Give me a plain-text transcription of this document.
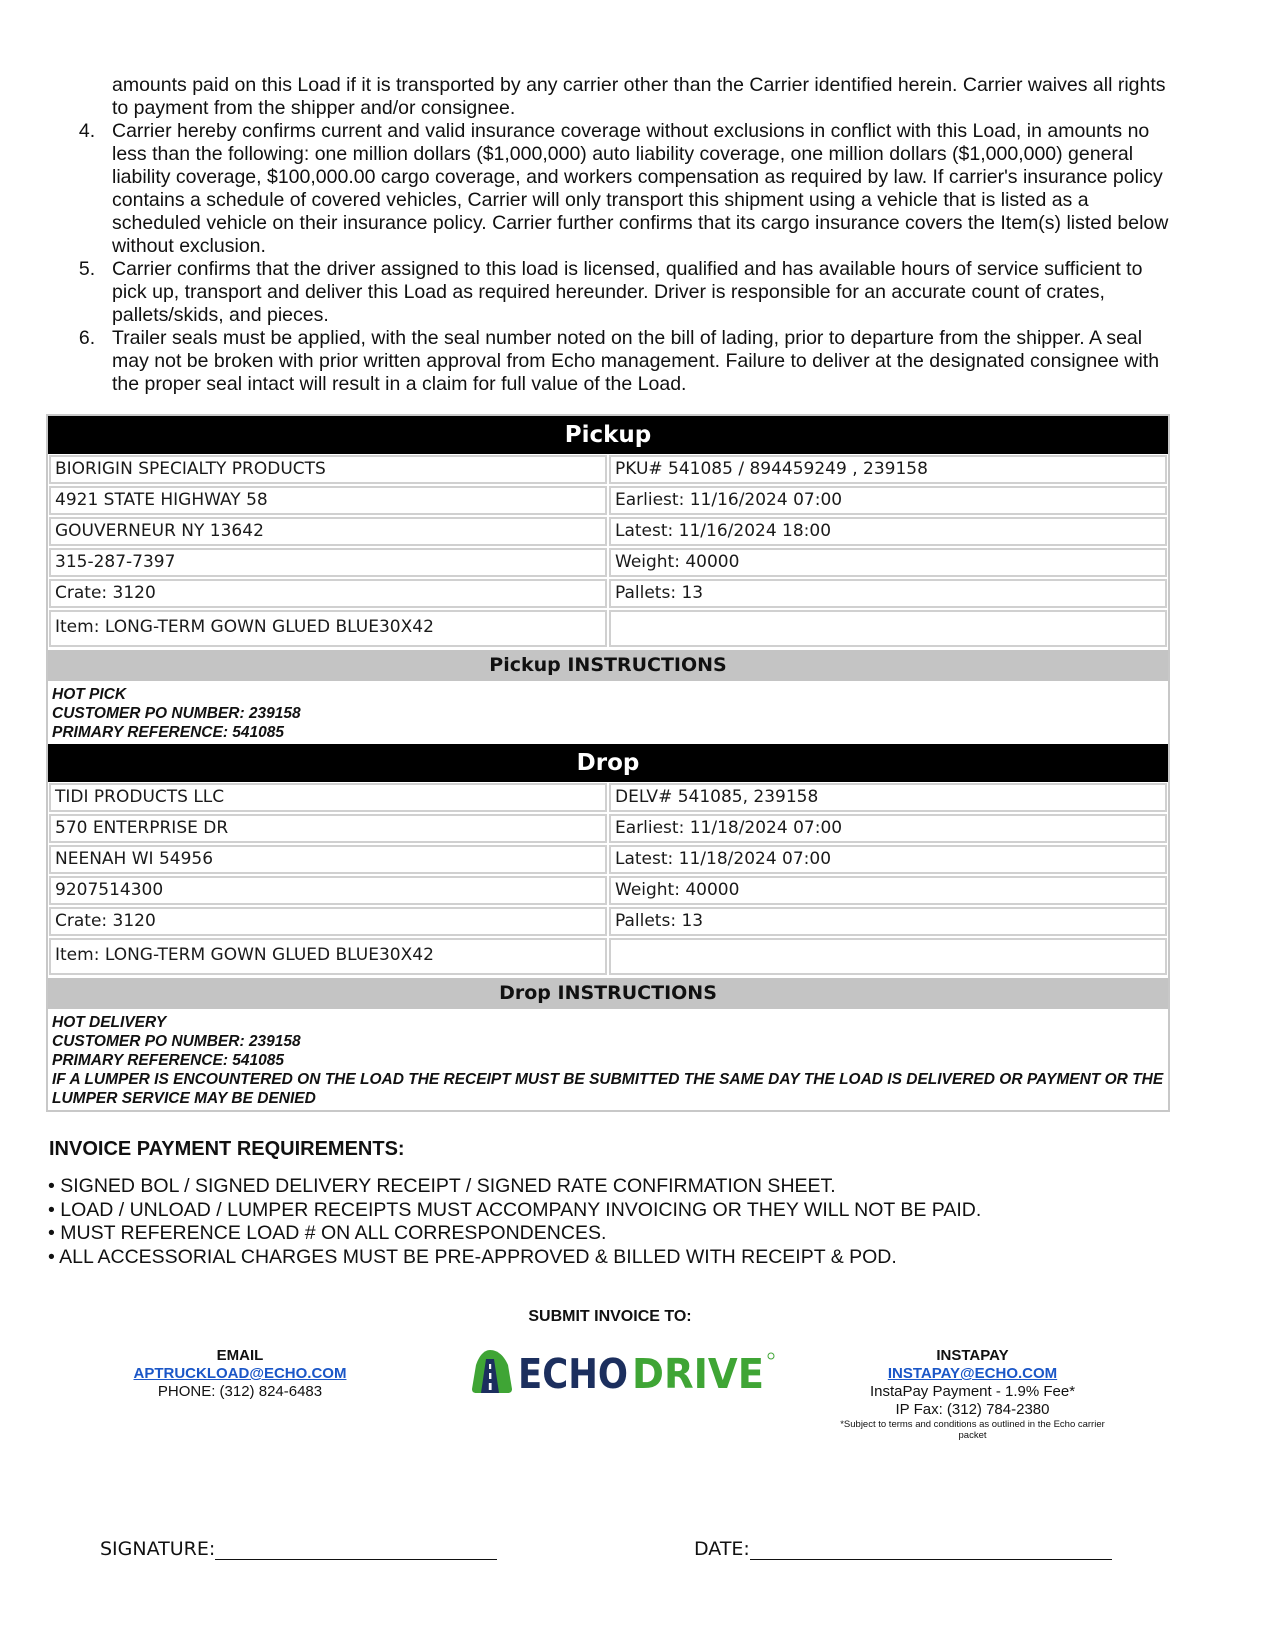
amounts paid on this Load if it is transported by any carrier other than the Carrier identified herein. Carrier waives all rights to payment from the shipper and/or consignee.
4. Carrier hereby confirms current and valid insurance coverage without exclusions in conflict with this Load, in amounts no less than the following: one million dollars ($1,000,000) auto liability coverage, one million dollars ($1,000,000) general liability coverage, $100,000.00 cargo coverage, and workers compensation as required by law. If carrier's insurance policy contains a schedule of covered vehicles, Carrier will only transport this shipment using a vehicle that is listed as a scheduled vehicle on their insurance policy. Carrier further confirms that its cargo insurance covers the Item(s) listed below without exclusion.
5. Carrier confirms that the driver assigned to this load is licensed, qualified and has available hours of service sufficient to pick up, transport and deliver this Load as required hereunder. Driver is responsible for an accurate count of crates, pallets/skids, and pieces.
6. Trailer seals must be applied, with the seal number noted on the bill of lading, prior to departure from the shipper. A seal may not be broken with prior written approval from Echo management. Failure to deliver at the designated consignee with the proper seal intact will result in a claim for full value of the Load.
Pickup
BIORIGIN SPECIALTY PRODUCTS	PKU# 541085 / 894459249 , 239158
4921 STATE HIGHWAY 58	Earliest: 11/16/2024 07:00
GOUVERNEUR NY 13642	Latest: 11/16/2024 18:00
315-287-7397	Weight: 40000
Crate: 3120	Pallets: 13
Item: LONG-TERM GOWN GLUED BLUE30X42
Pickup INSTRUCTIONS
HOT PICK
CUSTOMER PO NUMBER: 239158
PRIMARY REFERENCE: 541085
Drop
TIDI PRODUCTS LLC	DELV# 541085, 239158
570 ENTERPRISE DR	Earliest: 11/18/2024 07:00
NEENAH WI 54956	Latest: 11/18/2024 07:00
9207514300	Weight: 40000
Crate: 3120	Pallets: 13
Item: LONG-TERM GOWN GLUED BLUE30X42
Drop INSTRUCTIONS
HOT DELIVERY
CUSTOMER PO NUMBER: 239158
PRIMARY REFERENCE: 541085
IF A LUMPER IS ENCOUNTERED ON THE LOAD THE RECEIPT MUST BE SUBMITTED THE SAME DAY THE LOAD IS DELIVERED OR PAYMENT OR THE LUMPER SERVICE MAY BE DENIED
INVOICE PAYMENT REQUIREMENTS:
• SIGNED BOL / SIGNED DELIVERY RECEIPT / SIGNED RATE CONFIRMATION SHEET.
• LOAD / UNLOAD / LUMPER RECEIPTS MUST ACCOMPANY INVOICING OR THEY WILL NOT BE PAID.
• MUST REFERENCE LOAD # ON ALL CORRESPONDENCES.
• ALL ACCESSORIAL CHARGES MUST BE PRE-APPROVED & BILLED WITH RECEIPT & POD.
SUBMIT INVOICE TO:
EMAIL
APTRUCKLOAD@ECHO.COM
PHONE: (312) 824-6483	ECHO DRIVE	INSTAPAY
INSTAPAY@ECHO.COM
InstaPay Payment - 1.9% Fee*
IP Fax: (312) 784-2380
*Subject to terms and conditions as outlined in the Echo carrier packet
SIGNATURE:	DATE:
